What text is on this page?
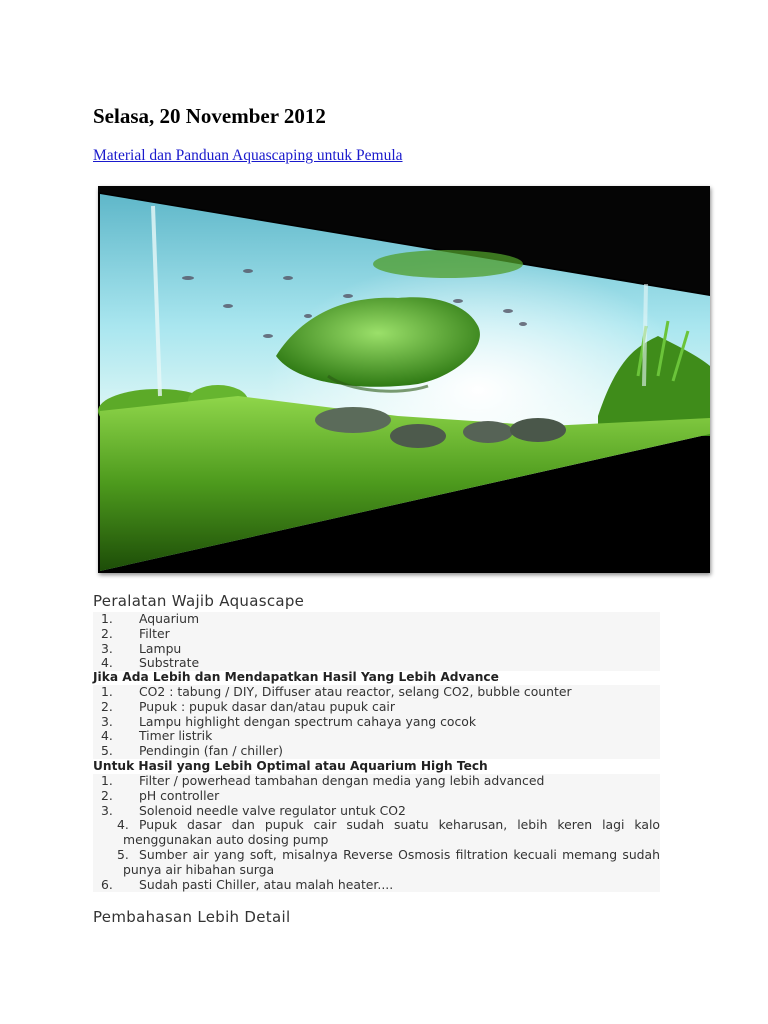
Selasa, 20 November 2012
Material dan Panduan Aquascaping untuk Pemula
Peralatan Wajib Aquascape
1. Aquarium
2. Filter
3. Lampu
4. Substrate
Jika Ada Lebih dan Mendapatkan Hasil Yang Lebih Advance
1. CO2 : tabung / DIY, Diffuser atau reactor, selang CO2, bubble counter
2. Pupuk : pupuk dasar dan/atau pupuk cair
3. Lampu highlight dengan spectrum cahaya yang cocok
4. Timer listrik
5. Pendingin (fan / chiller)
Untuk Hasil yang Lebih Optimal atau Aquarium High Tech
1. Filter / powerhead tambahan dengan media yang lebih advanced
2. pH controller
3. Solenoid needle valve regulator untuk CO2
4. Pupuk dasar dan pupuk cair sudah suatu keharusan, lebih keren lagi kalo menggunakan auto dosing pump
5. Sumber air yang soft, misalnya Reverse Osmosis filtration kecuali memang sudah punya air hibahan surga
6. Sudah pasti Chiller, atau malah heater....
Pembahasan Lebih Detail
